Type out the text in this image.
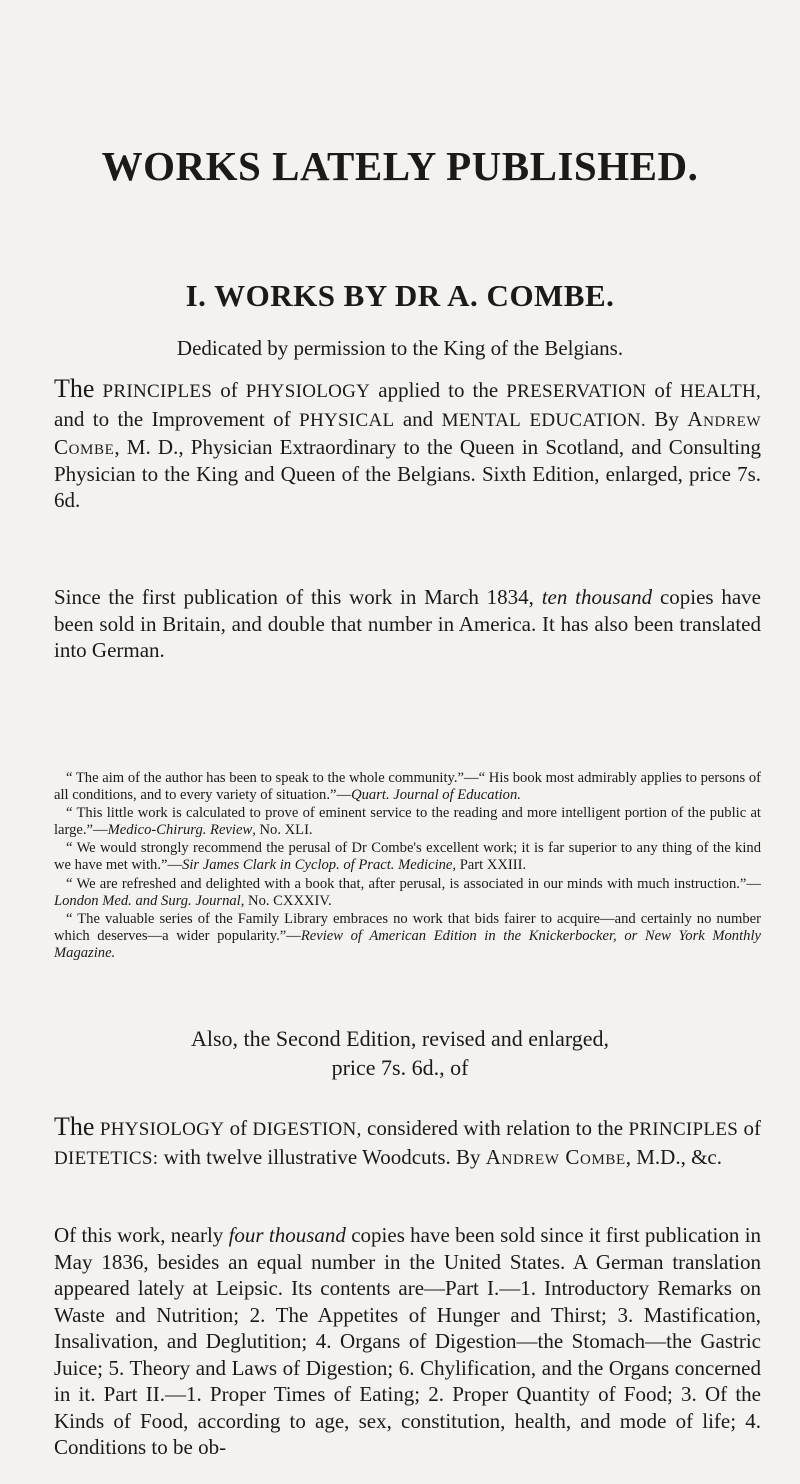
WORKS LATELY PUBLISHED.
I. WORKS BY DR A. COMBE.

Dedicated by permission to the King of the Belgians.

The PRINCIPLES of PHYSIOLOGY applied to the PRESERVATION of HEALTH, and to the Improvement of PHYSICAL and MENTAL EDUCATION. By Andrew Combe, M. D., Physician Extraordinary to the Queen in Scotland, and Consulting Physician to the King and Queen of the Belgians. Sixth Edition, enlarged, price 7s. 6d.

Since the first publication of this work in March 1834, ten thousand copies have been sold in Britain, and double that number in America. It has also been translated into German.

“ The aim of the author has been to speak to the whole community.”—“ His book most admirably applies to persons of all conditions, and to every variety of situation.”—Quart. Journal of Education.

“ This little work is calculated to prove of eminent service to the reading and more intelligent portion of the public at large.”—Medico-Chirurg. Review, No. XLI.

“ We would strongly recommend the perusal of Dr Combe's excellent work; it is far superior to any thing of the kind we have met with.”—Sir James Clark in Cyclop. of Pract. Medicine, Part XXIII.

“ We are refreshed and delighted with a book that, after perusal, is associated in our minds with much instruction.”—London Med. and Surg. Journal, No. CXXXIV.

“ The valuable series of the Family Library embraces no work that bids fairer to acquire—and certainly no number which deserves—a wider popularity.”—Review of American Edition in the Knickerbocker, or New York Monthly Magazine.

Also, the Second Edition, revised and enlarged,
price 7s. 6d., of

The PHYSIOLOGY of DIGESTION, considered with relation to the PRINCIPLES of DIETETICS: with twelve illustrative Woodcuts. By Andrew Combe, M.D., &c.

Of this work, nearly four thousand copies have been sold since it first publication in May 1836, besides an equal number in the United States. A German translation appeared lately at Leipsic. Its contents are—Part I.—1. Introductory Remarks on Waste and Nutrition; 2. The Appetites of Hunger and Thirst; 3. Mastification, Insalivation, and Deglutition; 4. Organs of Digestion—the Stomach—the Gastric Juice; 5. Theory and Laws of Digestion; 6. Chylification, and the Organs concerned in it. Part II.—1. Proper Times of Eating; 2. Proper Quantity of Food; 3. Of the Kinds of Food, according to age, sex, constitution, health, and mode of life; 4. Conditions to be ob-
